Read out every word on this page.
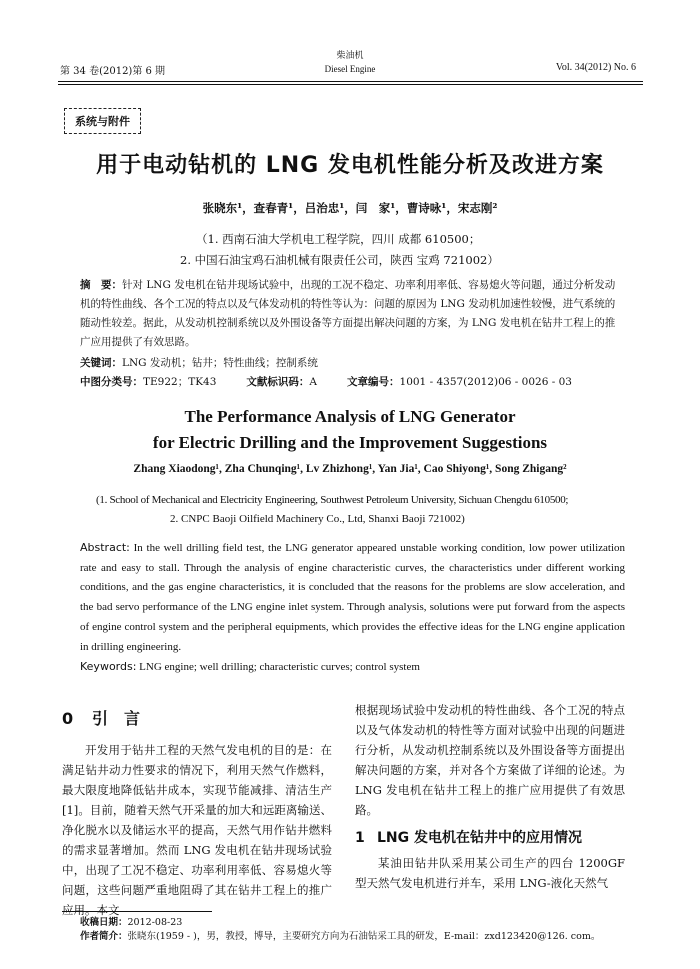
第 34 卷(2012)第 6 期
柴油机
Diesel Engine	Vol. 34(2012) No. 6
系统与附件
用于电动钻机的 LNG 发电机性能分析及改进方案
张晓东¹，查春青¹，吕治忠¹，闫　家¹，曹诗咏¹，宋志刚²
（1. 西南石油大学机电工程学院，四川 成都 610500；
2. 中国石油宝鸡石油机械有限责任公司，陕西 宝鸡 721002）
摘　要：针对 LNG 发电机在钻井现场试验中，出现的工况不稳定、功率利用率低、容易熄火等问题，通过分析发动机的特性曲线、各个工况的特点以及气体发动机的特性等认为：问题的原因为 LNG 发动机加速性较慢，进气系统的随动性较差。据此，从发动机控制系统以及外围设备等方面提出解决问题的方案，为 LNG 发电机在钻井工程上的推广应用提供了有效思路。
关键词：LNG 发动机；钻井；特性曲线；控制系统
中图分类号：TE922；TK43	文献标识码：A	文章编号：1001 - 4357(2012)06 - 0026 - 03
The Performance Analysis of LNG Generator
for Electric Drilling and the Improvement Suggestions
Zhang Xiaodong¹, Zha Chunqing¹, Lv Zhizhong¹, Yan Jia¹, Cao Shiyong¹, Song Zhigang²
(1. School of Mechanical and Electricity Engineering, Southwest Petroleum University, Sichuan Chengdu 610500;
2. CNPC Baoji Oilfield Machinery Co., Ltd, Shanxi Baoji 721002)
Abstract: In the well drilling field test, the LNG generator appeared unstable working condition, low power utilization rate and easy to stall. Through the analysis of engine characteristic curves, the characteristics under different working conditions, and the gas engine characteristics, it is concluded that the reasons for the problems are slow acceleration, and the bad servo performance of the LNG engine inlet system. Through analysis, solutions were put forward from the aspects of engine control system and the peripheral equipments, which provides the effective ideas for the LNG engine application in drilling engineering.
Keywords: LNG engine; well drilling; characteristic curves; control system
0 引　言
开发用于钻井工程的天然气发电机的目的是：在满足钻井动力性要求的情况下，利用天然气作燃料，最大限度地降低钻井成本，实现节能减排、清洁生产[1]。目前，随着天然气开采量的加大和远距离输送、净化脱水以及储运水平的提高，天然气用作钻井燃料的需求显著增加。然而 LNG 发电机在钻井现场试验中，出现了工况不稳定、功率利用率低、容易熄火等问题，这些问题严重地阻碍了其在钻井工程上的推广应用。本文
根据现场试验中发动机的特性曲线、各个工况的特点以及气体发动机的特性等方面对试验中出现的问题进行分析，从发动机控制系统以及外围设备等方面提出解决问题的方案，并对各个方案做了详细的论述。为 LNG 发电机在钻井工程上的推广应用提供了有效思路。
1 LNG 发电机在钻井中的应用情况
某油田钻井队采用某公司生产的四台 1200GF 型天然气发电机进行并车，采用 LNG-液化天然气
收稿日期：2012-08-23
作者简介：张晓东(1959 - )，男，教授，博导，主要研究方向为石油钻采工具的研发，E-mail：zxd123420@126. com。
